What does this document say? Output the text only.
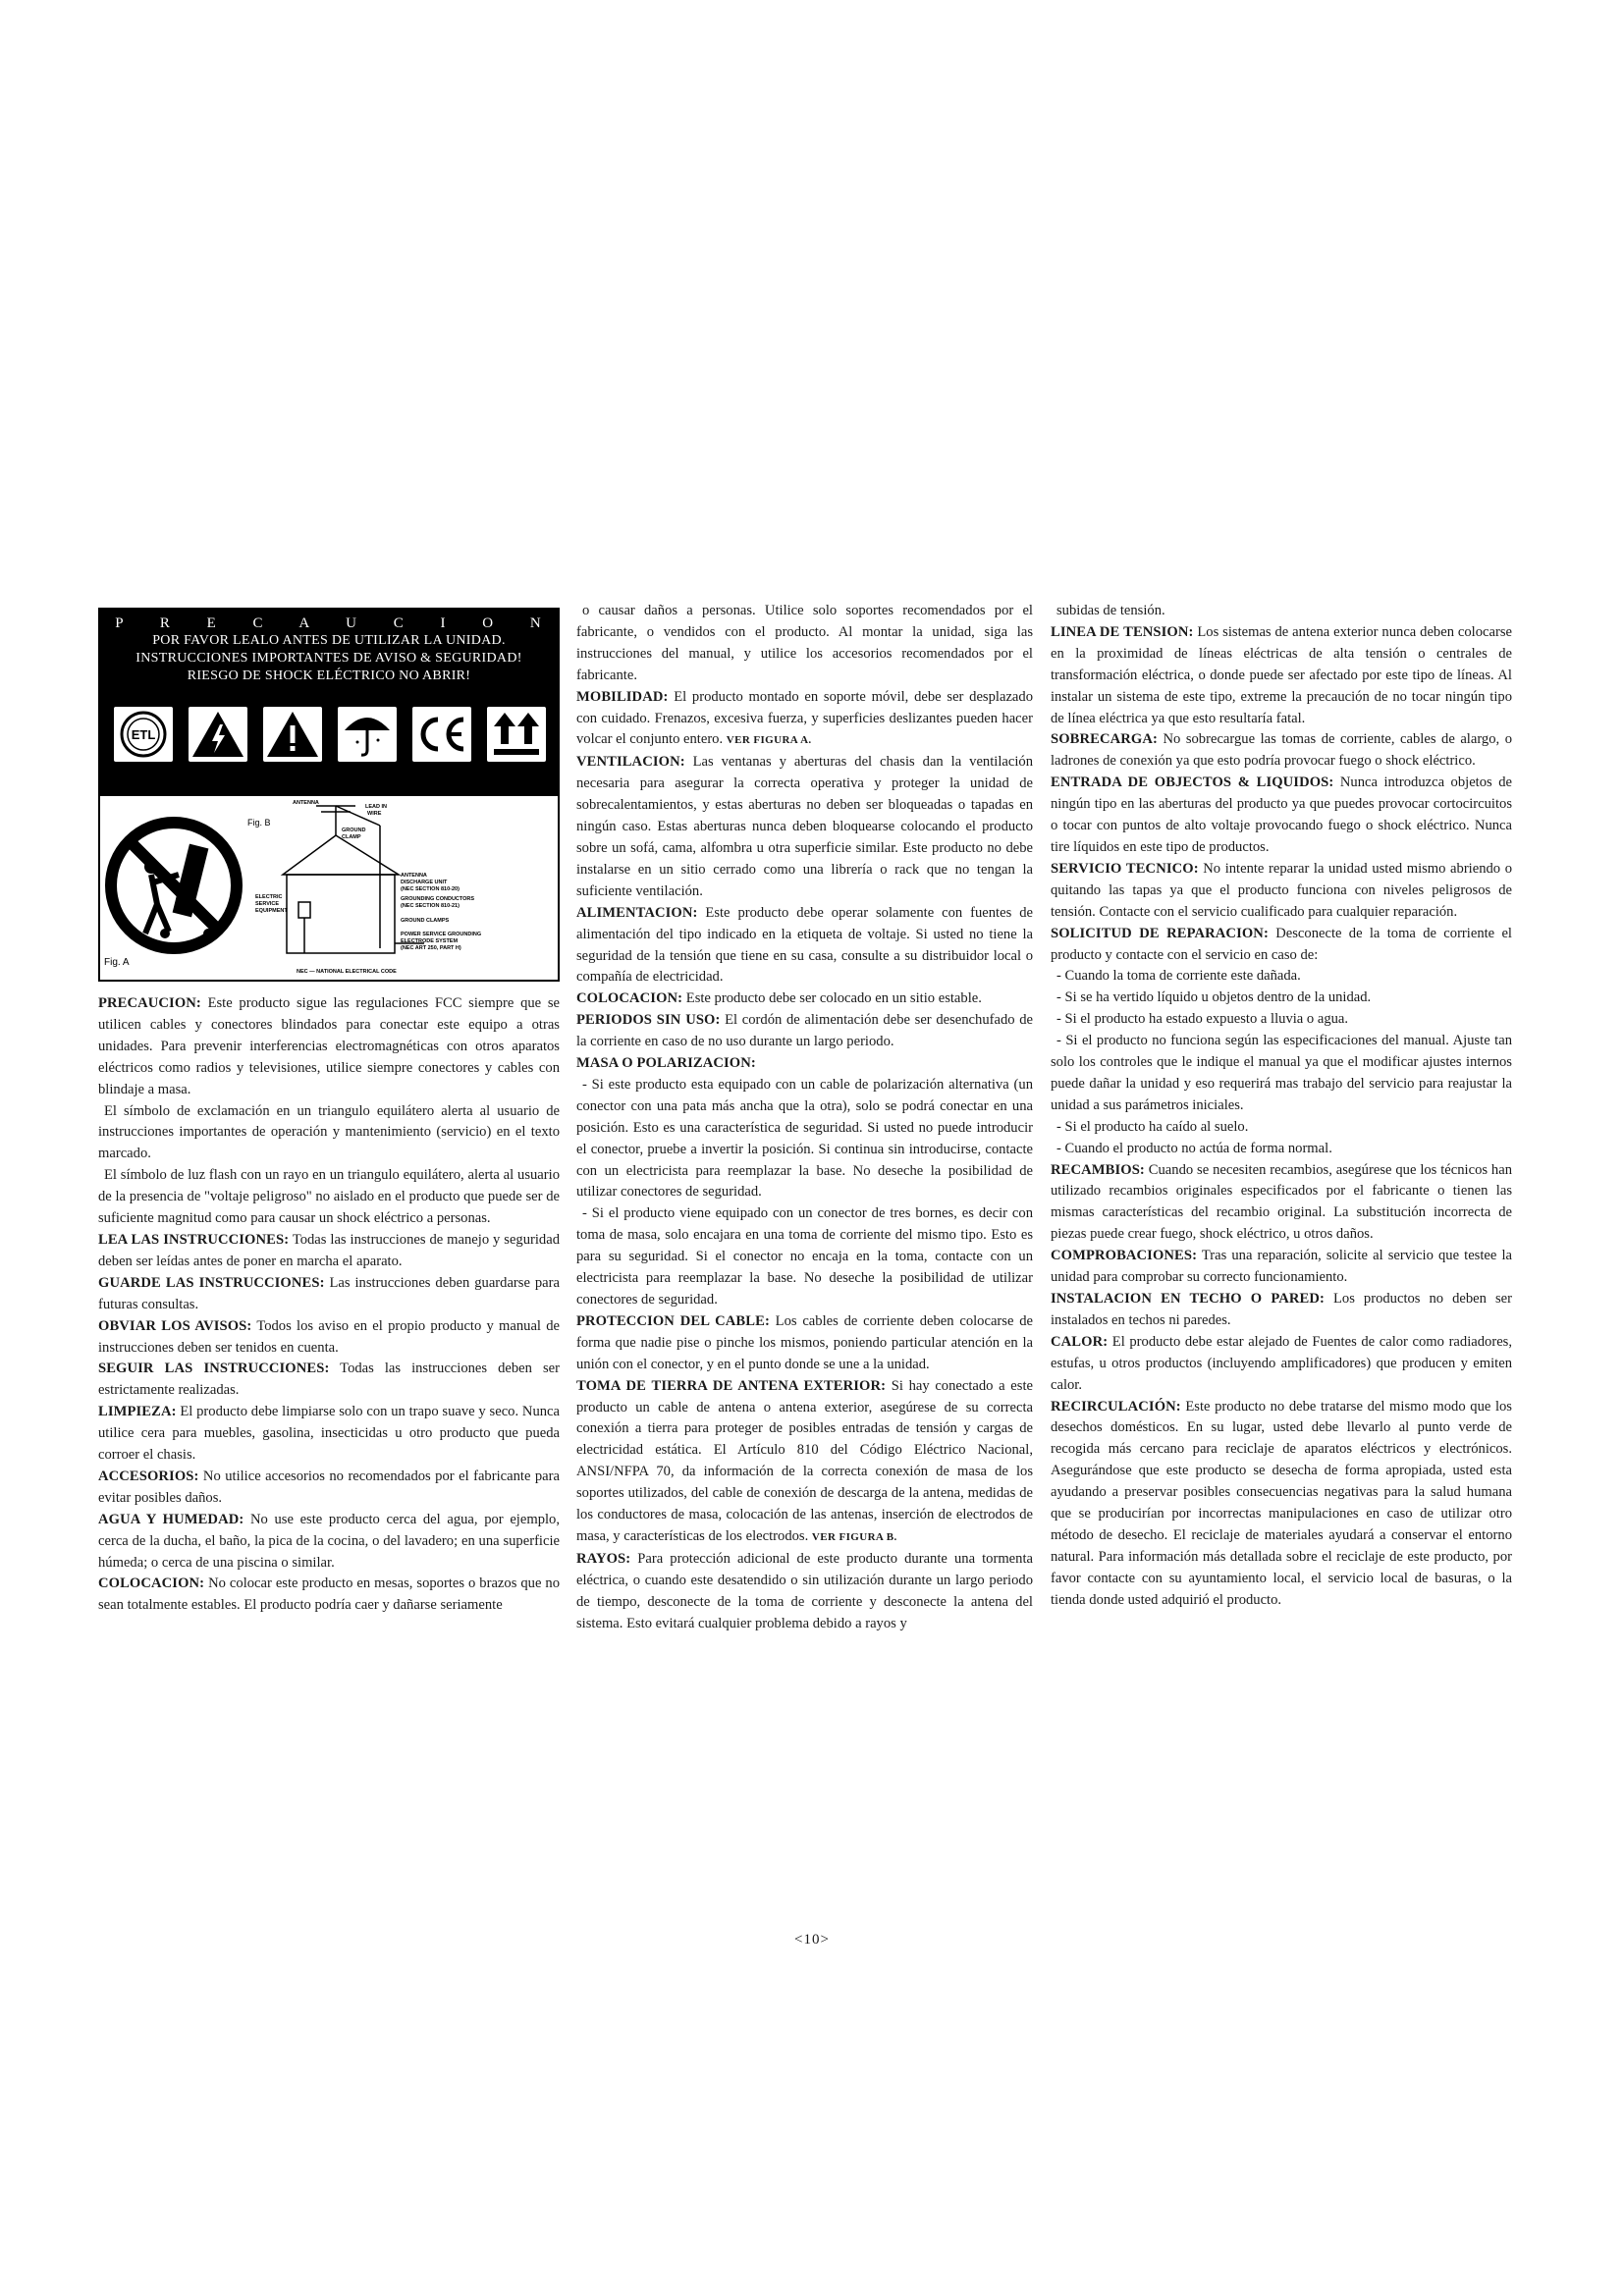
P R E C A U C I O N
POR FAVOR LEALO ANTES DE UTILIZAR LA UNIDAD.
INSTRUCCIONES IMPORTANTES DE AVISO & SEGURIDAD!
RIESGO DE SHOCK ELÉCTRICO NO ABRIR!
ETL
Fig. A
Fig. B
ANTENNA
LEAD IN
WIRE
GROUND
CLAMP
ANTENNA
DISCHARGE UNIT
(NEC SECTION 810-20)
GROUNDING CONDUCTORS
(NEC SECTION 810-21)
ELECTRIC
SERVICE
EQUIPMENT
GROUND CLAMPS
POWER SERVICE GROUNDING
ELECTRODE SYSTEM
(NEC ART 250, PART H)
NEC — NATIONAL ELECTRICAL CODE

PRECAUCION: Este producto sigue las regulaciones FCC siempre que se utilicen cables y conectores blindados para conectar este equipo a otras unidades. Para prevenir interferencias electromagnéticas con otros aparatos eléctricos como radios y televisiones, utilice siempre conectores y cables con blindaje a masa.

El símbolo de exclamación en un triangulo equilátero alerta al usuario de instrucciones importantes de operación y mantenimiento (servicio) en el texto marcado.

El símbolo de luz flash con un rayo en un triangulo equilátero, alerta al usuario de la presencia de "voltaje peligroso" no aislado en el producto que puede ser de suficiente magnitud como para causar un shock eléctrico a personas.

LEA LAS INSTRUCCIONES: Todas las instrucciones de manejo y seguridad deben ser leídas antes de poner en marcha el aparato.

GUARDE LAS INSTRUCCIONES: Las instrucciones deben guardarse para futuras consultas.

OBVIAR LOS AVISOS: Todos los aviso en el propio producto y manual de instrucciones deben ser tenidos en cuenta.

SEGUIR LAS INSTRUCCIONES: Todas las instrucciones deben ser estrictamente realizadas.

LIMPIEZA: El producto debe limpiarse solo con un trapo suave y seco. Nunca utilice cera para muebles, gasolina, insecticidas u otro producto que pueda corroer el chasis.

ACCESORIOS: No utilice accesorios no recomendados por el fabricante para evitar posibles daños.

AGUA Y HUMEDAD: No use este producto cerca del agua, por ejemplo, cerca de la ducha, el baño, la pica de la cocina, o del lavadero; en una superficie húmeda; o cerca de una piscina o similar.

COLOCACION: No colocar este producto en mesas, soportes o brazos que no sean totalmente estables. El producto podría caer y dañarse seriamente

o causar daños a personas. Utilice solo soportes recomendados por el fabricante, o vendidos con el producto. Al montar la unidad, siga las instrucciones del manual, y utilice los accesorios recomendados por el fabricante.

MOBILIDAD: El producto montado en soporte móvil, debe ser desplazado con cuidado. Frenazos, excesiva fuerza, y superficies deslizantes pueden hacer volcar el conjunto entero. VER FIGURA A.

VENTILACION: Las ventanas y aberturas del chasis dan la ventilación necesaria para asegurar la correcta operativa y proteger la unidad de sobrecalentamientos, y estas aberturas no deben ser bloqueadas o tapadas en ningún caso. Estas aberturas nunca deben bloquearse colocando el producto sobre un sofá, cama, alfombra u otra superficie similar. Este producto no debe instalarse en un sitio cerrado como una librería o rack que no tengan la suficiente ventilación.

ALIMENTACION: Este producto debe operar solamente con fuentes de alimentación del tipo indicado en la etiqueta de voltaje. Si usted no tiene la seguridad de la tensión que tiene en su casa, consulte a su distribuidor local o compañía de electricidad.

COLOCACION: Este producto debe ser colocado en un sitio estable.

PERIODOS SIN USO: El cordón de alimentación debe ser desenchufado de la corriente en caso de no uso durante un largo periodo.

MASA O POLARIZACION:

- Si este producto esta equipado con un cable de polarización alternativa (un conector con una pata más ancha que la otra), solo se podrá conectar en una posición. Esto es una característica de seguridad. Si usted no puede introducir el conector, pruebe a invertir la posición. Si continua sin introducirse, contacte con un electricista para reemplazar la base. No deseche la posibilidad de utilizar conectores de seguridad.

- Si el producto viene equipado con un conector de tres bornes, es decir con toma de masa, solo encajara en una toma de corriente del mismo tipo. Esto es para su seguridad. Si el conector no encaja en la toma, contacte con un electricista para reemplazar la base. No deseche la posibilidad de utilizar conectores de seguridad.

PROTECCION DEL CABLE: Los cables de corriente deben colocarse de forma que nadie pise o pinche los mismos, poniendo particular atención en la unión con el conector, y en el punto donde se une a la unidad.

TOMA DE TIERRA DE ANTENA EXTERIOR: Si hay conectado a este producto un cable de antena o antena exterior, asegúrese de su correcta conexión a tierra para proteger de posibles entradas de tensión y cargas de electricidad estática. El Artículo 810 del Código Eléctrico Nacional, ANSI/NFPA 70, da información de la correcta conexión de masa de los soportes utilizados, del cable de conexión de descarga de la antena, medidas de los conductores de masa, colocación de las antenas, inserción de electrodos de masa, y características de los electrodos. VER FIGURA B.

RAYOS: Para protección adicional de este producto durante una tormenta eléctrica, o cuando este desatendido o sin utilización durante un largo periodo de tiempo, desconecte de la toma de corriente y desconecte la antena del sistema. Esto evitará cualquier problema debido a rayos y

subidas de tensión.

LINEA DE TENSION: Los sistemas de antena exterior nunca deben colocarse en la proximidad de líneas eléctricas de alta tensión o centrales de transformación eléctrica, o donde puede ser afectado por este tipo de líneas. Al instalar un sistema de este tipo, extreme la precaución de no tocar ningún tipo de línea eléctrica ya que esto resultaría fatal.

SOBRECARGA: No sobrecargue las tomas de corriente, cables de alargo, o ladrones de conexión ya que esto podría provocar fuego o shock eléctrico.

ENTRADA DE OBJECTOS & LIQUIDOS: Nunca introduzca objetos de ningún tipo en las aberturas del producto ya que puedes provocar cortocircuitos o tocar con puntos de alto voltaje provocando fuego o shock eléctrico. Nunca tire líquidos en este tipo de productos.

SERVICIO TECNICO: No intente reparar la unidad usted mismo abriendo o quitando las tapas ya que el producto funciona con niveles peligrosos de tensión. Contacte con el servicio cualificado para cualquier reparación.

SOLICITUD DE REPARACION: Desconecte de la toma de corriente el producto y contacte con el servicio en caso de:

- Cuando la toma de corriente este dañada.

- Si se ha vertido líquido u objetos dentro de la unidad.

- Si el producto ha estado expuesto a lluvia o agua.

- Si el producto no funciona según las especificaciones del manual. Ajuste tan solo los controles que le indique el manual ya que el modificar ajustes internos puede dañar la unidad y eso requerirá mas trabajo del servicio para reajustar la unidad a sus parámetros iniciales.

- Si el producto ha caído al suelo.

- Cuando el producto no actúa de forma normal.

RECAMBIOS: Cuando se necesiten recambios, asegúrese que los técnicos han utilizado recambios originales especificados por el fabricante o tienen las mismas características del recambio original. La substitución incorrecta de piezas puede crear fuego, shock eléctrico, u otros daños.

COMPROBACIONES: Tras una reparación, solicite al servicio que testee la unidad para comprobar su correcto funcionamiento.

INSTALACION EN TECHO O PARED: Los productos no deben ser instalados en techos ni paredes.

CALOR: El producto debe estar alejado de Fuentes de calor como radiadores, estufas, u otros productos (incluyendo amplificadores) que producen y emiten calor.

RECIRCULACIÓN: Este producto no debe tratarse del mismo modo que los desechos domésticos. En su lugar, usted debe llevarlo al punto verde de recogida más cercano para reciclaje de aparatos eléctricos y electrónicos. Asegurándose que este producto se desecha de forma apropiada, usted esta ayudando a preservar posibles consecuencias negativas para la salud humana que se producirían por incorrectas manipulaciones en caso de utilizar otro método de desecho. El reciclaje de materiales ayudará a conservar el entorno natural. Para información más detallada sobre el reciclaje de este producto, por favor contacte con su ayuntamiento local, el servicio local de basuras, o la tienda donde usted adquirió el producto.

<10>
